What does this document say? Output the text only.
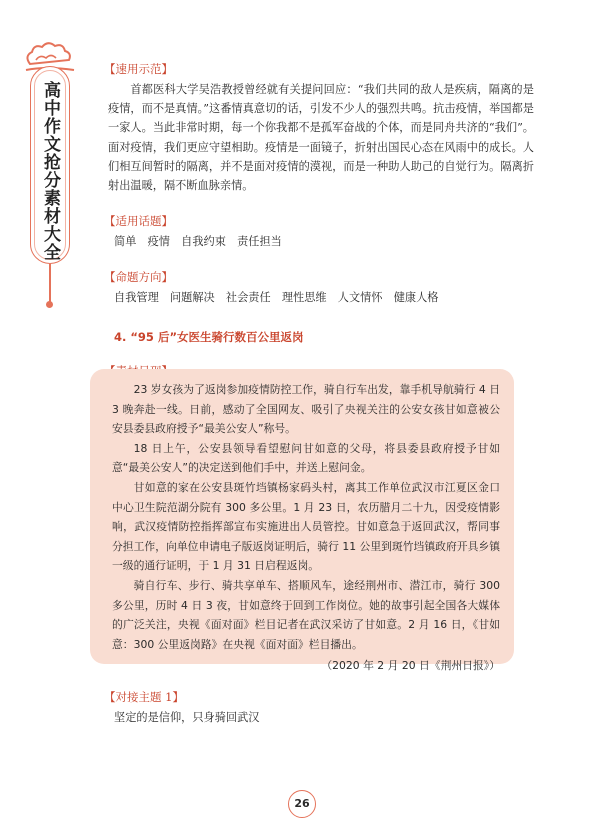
高中作文抢分素材大全

【速用示范】

首都医科大学吴浩教授曾经就有关提问回应：“我们共同的敌人是疾病，隔离的是疫情，而不是真情。”这番情真意切的话，引发不少人的强烈共鸣。抗击疫情，举国都是一家人。当此非常时期，每一个你我都不是孤军奋战的个体，而是同舟共济的“我们”。面对疫情，我们更应守望相助。疫情是一面镜子，折射出国民心态在风雨中的成长。人们相互间暂时的隔离，并不是面对疫情的漠视，而是一种助人助己的自觉行为。隔离折射出温暖，隔不断血脉亲情。

【适用话题】

简单　疫情　自我约束　责任担当

【命题方向】

自我管理　问题解决　社会责任　理性思维　人文情怀　健康人格

4. “95 后”女医生骑行数百公里返岗

23 岁女孩为了返岗参加疫情防控工作，骑自行车出发，靠手机导航骑行 4 日 3 晚奔赴一线。日前，感动了全国网友、吸引了央视关注的公安女孩甘如意被公安县委县政府授予“最美公安人”称号。

18 日上午，公安县领导看望慰问甘如意的父母，将县委县政府授予甘如意“最美公安人”的决定送到他们手中，并送上慰问金。

甘如意的家在公安县斑竹垱镇杨家码头村，离其工作单位武汉市江夏区金口中心卫生院范湖分院有 300 多公里。1 月 23 日，农历腊月二十九，因受疫情影响，武汉疫情防控指挥部宣布实施进出人员管控。甘如意急于返回武汉，帮同事分担工作，向单位申请电子版返岗证明后，骑行 11 公里到斑竹垱镇政府开具乡镇一级的通行证明，于 1 月 31 日启程返岗。

骑自行车、步行、骑共享单车、搭顺风车，途经荆州市、潜江市，骑行 300 多公里，历时 4 日 3 夜，甘如意终于回到工作岗位。她的故事引起全国各大媒体的广泛关注，央视《面对面》栏目记者在武汉采访了甘如意。2 月 16 日，《甘如意：300 公里返岗路》在央视《面对面》栏目播出。

（2020 年 2 月 20 日《荆州日报》）

【对接主题 1】

坚定的是信仰，只身骑回武汉

26
